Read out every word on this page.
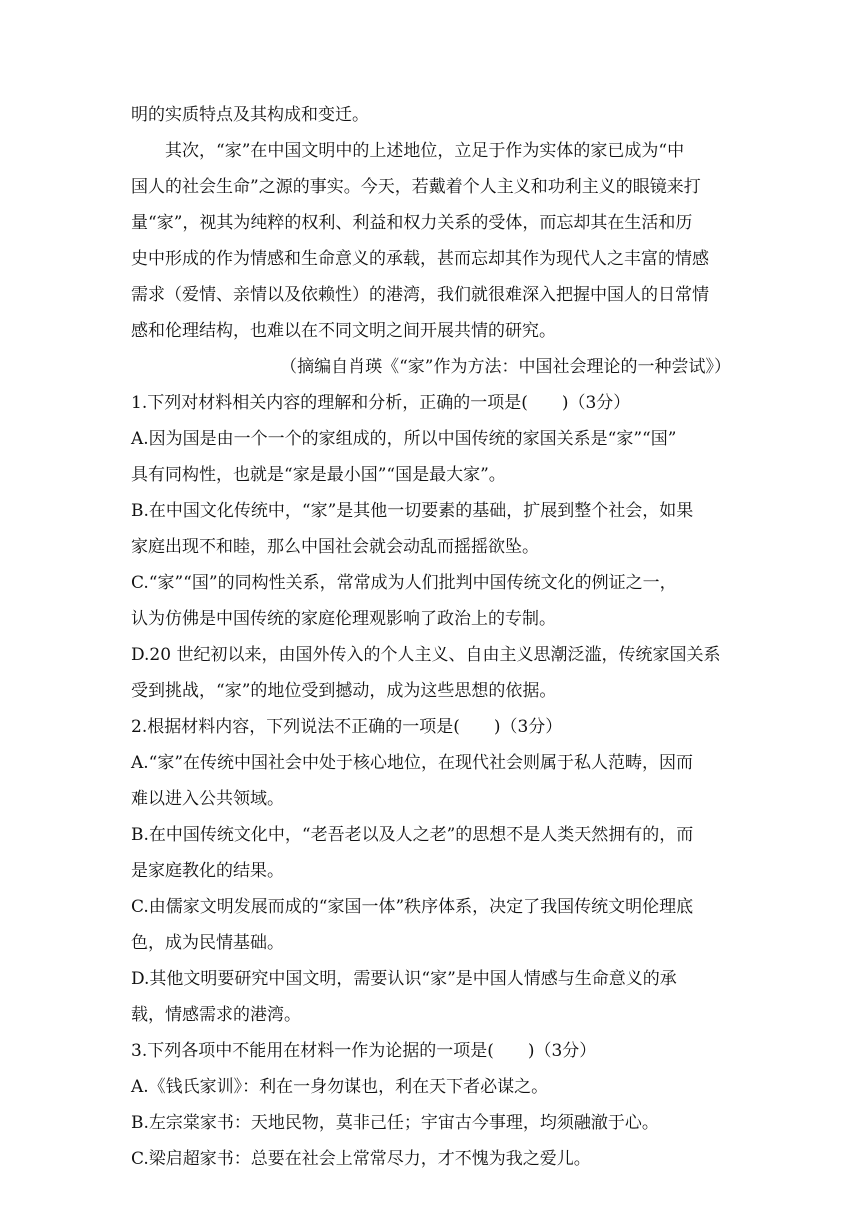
明的实质特点及其构成和变迁。
其次，“家”在中国文明中的上述地位，立足于作为实体的家已成为“中
国人的社会生命”之源的事实。今天，若戴着个人主义和功利主义的眼镜来打
量“家”，视其为纯粹的权利、利益和权力关系的受体，而忘却其在生活和历
史中形成的作为情感和生命意义的承载，甚而忘却其作为现代人之丰富的情感
需求（爱情、亲情以及依赖性）的港湾，我们就很难深入把握中国人的日常情
感和伦理结构，也难以在不同文明之间开展共情的研究。
（摘编自肖瑛《“家”作为方法：中国社会理论的一种尝试》）
1.下列对材料相关内容的理解和分析，正确的一项是(　　)（3分）
A.因为国是由一个一个的家组成的，所以中国传统的家国关系是“家”“国”
具有同构性，也就是“家是最小国”“国是最大家”。
B.在中国文化传统中，“家”是其他一切要素的基础，扩展到整个社会，如果
家庭出现不和睦，那么中国社会就会动乱而摇摇欲坠。
C.“家”“国”的同构性关系，常常成为人们批判中国传统文化的例证之一，
认为仿佛是中国传统的家庭伦理观影响了政治上的专制。
D.20 世纪初以来，由国外传入的个人主义、自由主义思潮泛滥，传统家国关系
受到挑战，“家”的地位受到撼动，成为这些思想的依据。
2.根据材料内容，下列说法不正确的一项是(　　)（3分）
A.“家”在传统中国社会中处于核心地位，在现代社会则属于私人范畴，因而
难以进入公共领域。
B.在中国传统文化中，“老吾老以及人之老”的思想不是人类天然拥有的，而
是家庭教化的结果。
C.由儒家文明发展而成的“家国一体”秩序体系，决定了我国传统文明伦理底
色，成为民情基础。
D.其他文明要研究中国文明，需要认识“家”是中国人情感与生命意义的承
载，情感需求的港湾。
3.下列各项中不能用在材料一作为论据的一项是(　　)（3分）
A.《钱氏家训》：利在一身勿谋也，利在天下者必谋之。
B.左宗棠家书：天地民物，莫非己任；宇宙古今事理，均须融澈于心。
C.梁启超家书：总要在社会上常常尽力，才不愧为我之爱儿。
